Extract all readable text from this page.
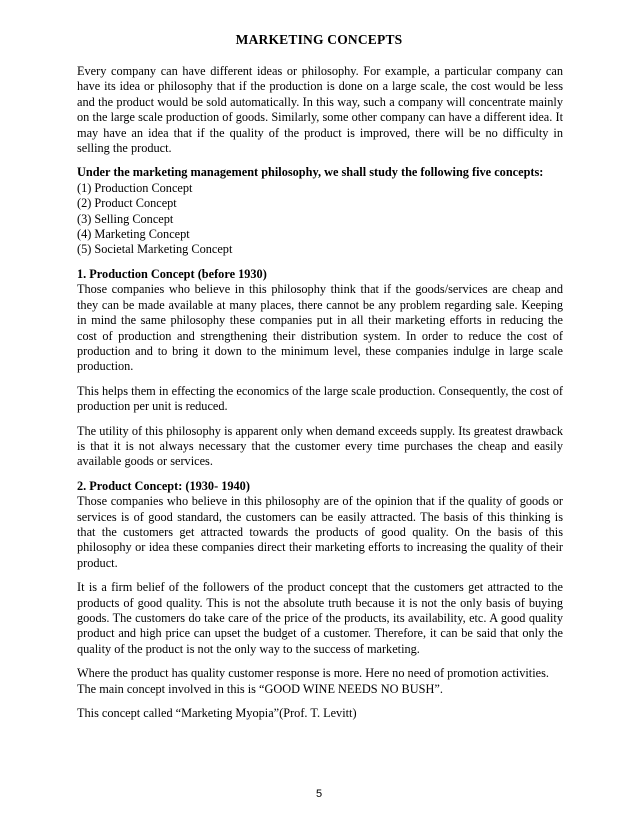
MARKETING CONCEPTS

Every company can have different ideas or philosophy. For example, a particular company can have its idea or philosophy that if the production is done on a large scale, the cost would be less and the product would be sold automatically. In this way, such a company will concentrate mainly on the large scale production of goods. Similarly, some other company can have a different idea. It may have an idea that if the quality of the product is improved, there will be no difficulty in selling the product.

Under the marketing management philosophy, we shall study the following five concepts:

(1) Production Concept

(2) Product Concept

(3) Selling Concept

(4) Marketing Concept

(5) Societal Marketing Concept

1. Production Concept (before 1930)

Those companies who believe in this philosophy think that if the goods/services are cheap and they can be made available at many places, there cannot be any problem regarding sale. Keeping in mind the same philosophy these companies put in all their marketing efforts in reducing the cost of production and strengthening their distribution system. In order to reduce the cost of production and to bring it down to the minimum level, these companies indulge in large scale production.

This helps them in effecting the economics of the large scale production. Consequently, the cost of production per unit is reduced.

The utility of this philosophy is apparent only when demand exceeds supply. Its greatest drawback is that it is not always necessary that the customer every time purchases the cheap and easily available goods or services.

2. Product Concept: (1930- 1940)

Those companies who believe in this philosophy are of the opinion that if the quality of goods or services is of good standard, the customers can be easily attracted. The basis of this thinking is that the customers get attracted towards the products of good quality. On the basis of this philosophy or idea these companies direct their marketing efforts to increasing the quality of their product.

It is a firm belief of the followers of the product concept that the customers get attracted to the products of good quality. This is not the absolute truth because it is not the only basis of buying goods. The customers do take care of the price of the products, its availability, etc. A good quality product and high price can upset the budget of a customer. Therefore, it can be said that only the quality of the product is not the only way to the success of marketing.

Where the product has quality customer response is more. Here no need of promotion activities.

The main concept involved in this is “GOOD WINE NEEDS NO BUSH”.

This concept called “Marketing Myopia”(Prof. T. Levitt)

5
